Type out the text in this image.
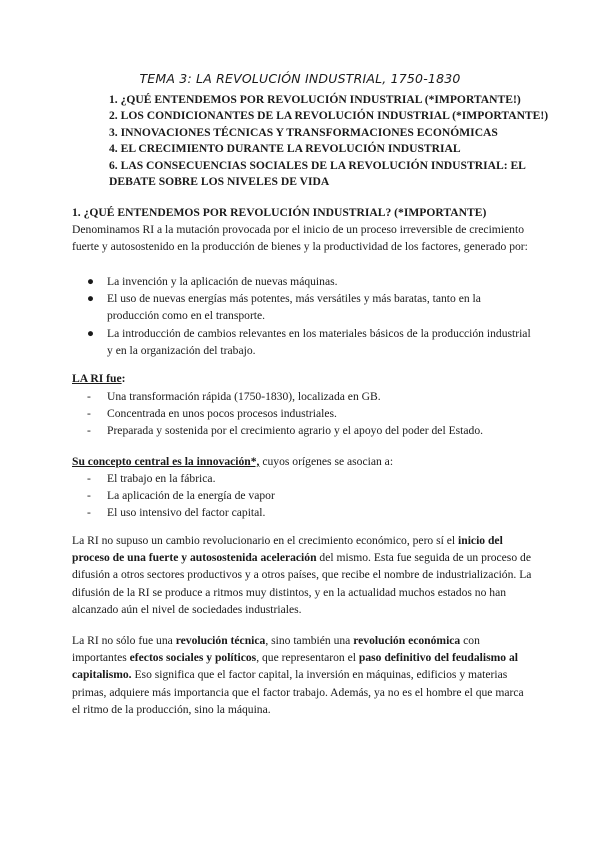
TEMA 3: LA REVOLUCIÓN INDUSTRIAL, 1750-1830
1. ¿QUÉ ENTENDEMOS POR REVOLUCIÓN INDUSTRIAL (*IMPORTANTE!)
2. LOS CONDICIONANTES DE LA REVOLUCIÓN INDUSTRIAL (*IMPORTANTE!)
3. INNOVACIONES TÉCNICAS Y TRANSFORMACIONES ECONÓMICAS
4. EL CRECIMIENTO DURANTE LA REVOLUCIÓN INDUSTRIAL
6. LAS CONSECUENCIAS SOCIALES DE LA REVOLUCIÓN INDUSTRIAL: EL DEBATE SOBRE LOS NIVELES DE VIDA
1. ¿QUÉ ENTENDEMOS POR REVOLUCIÓN INDUSTRIAL? (*IMPORTANTE)

Denominamos RI a la mutación provocada por el inicio de un proceso irreversible de crecimiento fuerte y autosostenido en la producción de bienes y la productividad de los factores, generado por:

● La invención y la aplicación de nuevas máquinas.
● El uso de nuevas energías más potentes, más versátiles y más baratas, tanto en la producción como en el transporte.
● La introducción de cambios relevantes en los materiales básicos de la producción industrial y en la organización del trabajo.
LA RI fue:
- Una transformación rápida (1750-1830), localizada en GB.
- Concentrada en unos pocos procesos industriales.
- Preparada y sostenida por el crecimiento agrario y el apoyo del poder del Estado.
Su concepto central es la innovación*, cuyos orígenes se asocian a:
- El trabajo en la fábrica.
- La aplicación de la energía de vapor
- El uso intensivo del factor capital.

La RI no supuso un cambio revolucionario en el crecimiento económico, pero sí el inicio del proceso de una fuerte y autosostenida aceleración del mismo. Esta fue seguida de un proceso de difusión a otros sectores productivos y a otros países, que recibe el nombre de industrialización. La difusión de la RI se produce a ritmos muy distintos, y en la actualidad muchos estados no han alcanzado aún el nivel de sociedades industriales.

La RI no sólo fue una revolución técnica, sino también una revolución económica con importantes efectos sociales y políticos, que representaron el paso definitivo del feudalismo al capitalismo. Eso significa que el factor capital, la inversión en máquinas, edificios y materias primas, adquiere más importancia que el factor trabajo. Además, ya no es el hombre el que marca el ritmo de la producción, sino la máquina.
